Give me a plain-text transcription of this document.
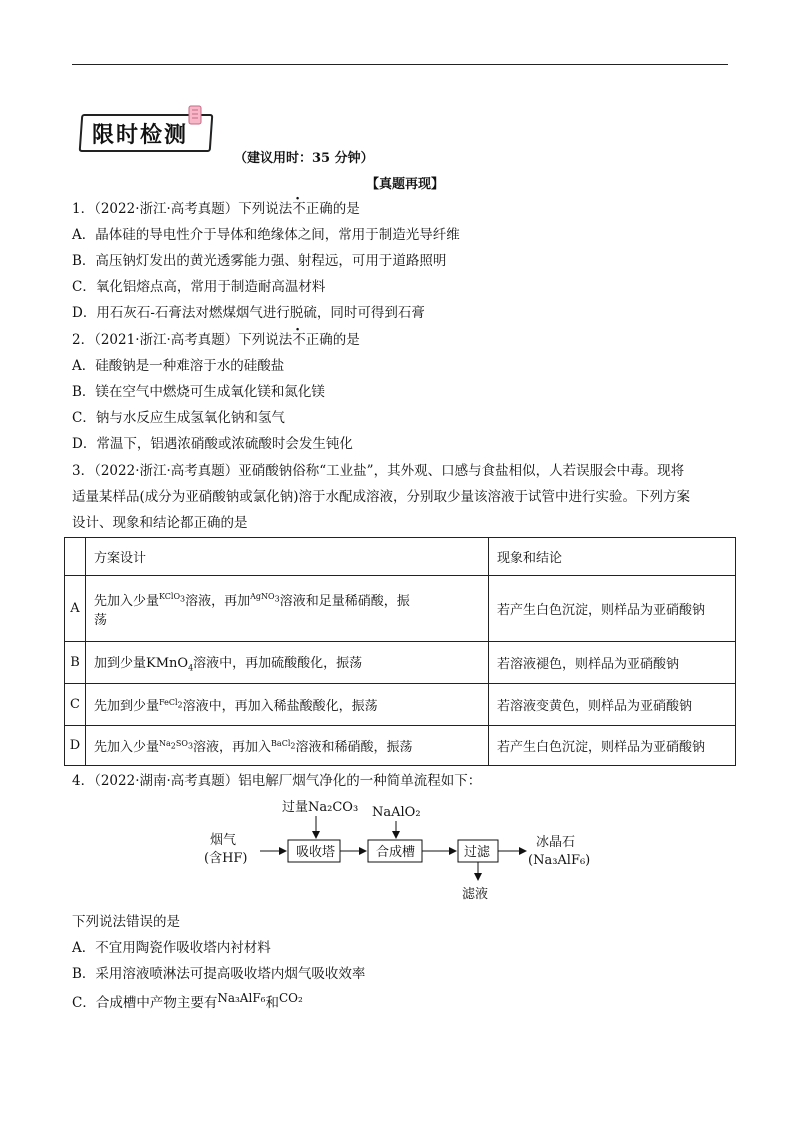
限时检测
（建议用时：35 分钟）
【真题再现】
1．（2022·浙江·高考真题）下列说法不正确的是
A．晶体硅的导电性介于导体和绝缘体之间，常用于制造光导纤维
B．高压钠灯发出的黄光透雾能力强、射程远，可用于道路照明
C．氧化铝熔点高，常用于制造耐高温材料
D．用石灰石-石膏法对燃煤烟气进行脱硫，同时可得到石膏
2．（2021·浙江·高考真题）下列说法不正确的是
A．硅酸钠是一种难溶于水的硅酸盐
B．镁在空气中燃烧可生成氧化镁和氮化镁
C．钠与水反应生成氢氧化钠和氢气
D．常温下，铝遇浓硝酸或浓硫酸时会发生钝化
3．（2022·浙江·高考真题）亚硝酸钠俗称“工业盐”，其外观、口感与食盐相似，人若误服会中毒。现将
适量某样品(成分为亚硝酸钠或氯化钠)溶于水配成溶液，分别取少量该溶液于试管中进行实验。下列方案
设计、现象和结论都正确的是
	方案设计	现象和结论
A	先加入少量$^{KClO_3}$溶液，再加$^{AgNO_3}$溶液和足量稀硝酸，振
荡	若产生白色沉淀，则样品为亚硝酸钠
B	加到少量KMnO$_4$溶液中，再加硫酸酸化，振荡	若溶液褪色，则样品为亚硝酸钠
C	先加到少量$^{FeCl_2}$溶液中，再加入稀盐酸酸化，振荡	若溶液变黄色，则样品为亚硝酸钠
D	先加入少量$^{Na_2SO_3}$溶液，再加入$^{BaCl_2}$溶液和稀硝酸，振荡	若产生白色沉淀，则样品为亚硝酸钠
4．（2022·湖南·高考真题）铝电解厂烟气净化的一种简单流程如下：
烟气
(含HF)	吸收塔
过量Na₂CO₃
合成槽
NaAlO₂
过滤
冰晶石
(Na₃AlF₆)
滤液
下列说法错误的是
A．不宜用陶瓷作吸收塔内衬材料
B．采用溶液喷淋法可提高吸收塔内烟气吸收效率
C．合成槽中产物主要有Na₃AlF₆和CO₂
